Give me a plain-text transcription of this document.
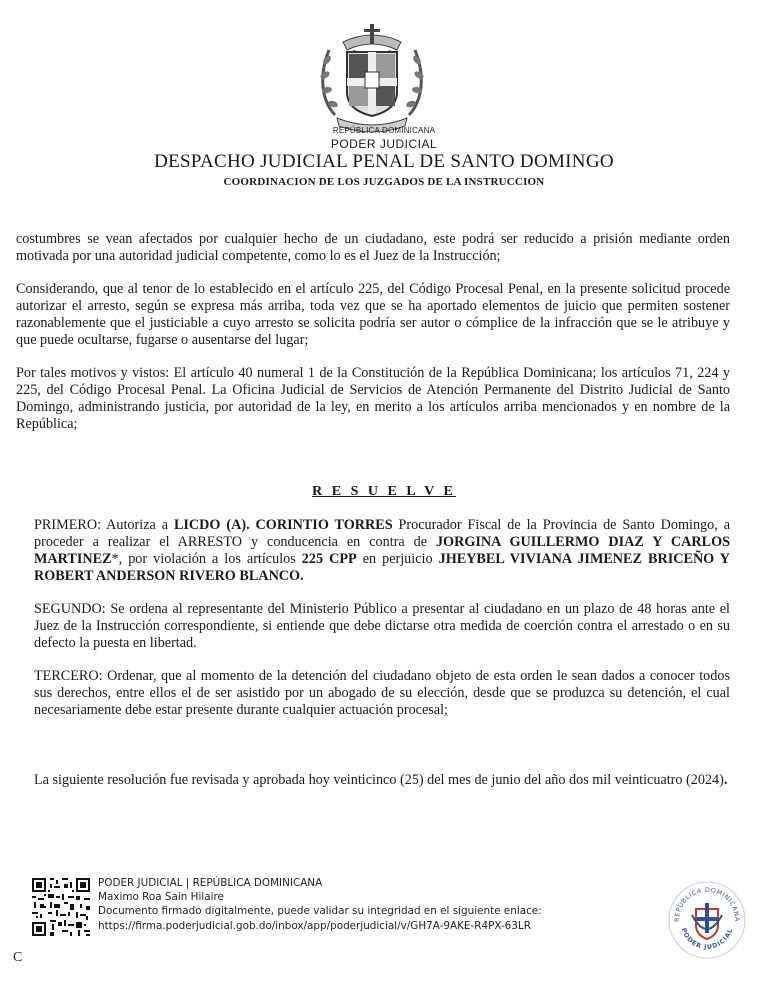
REPÚBLICA DOMINICANA
PODER JUDICIAL
DESPACHO JUDICIAL PENAL DE SANTO DOMINGO
COORDINACION DE LOS JUZGADOS DE LA INSTRUCCION

costumbres se vean afectados por cualquier hecho de un ciudadano, este podrá ser reducido a prisión mediante orden motivada por una autoridad judicial competente, como lo es el Juez de la Instrucción;

Considerando, que al tenor de lo establecido en el artículo 225, del Código Procesal Penal, en la presente solicitud procede autorizar el arresto, según se expresa más arriba, toda vez que se ha aportado elementos de juicio que permiten sostener razonablemente que el justiciable a cuyo arresto se solicita podría ser autor o cómplice de la infracción que se le atribuye y que puede ocultarse, fugarse o ausentarse del lugar;

Por tales motivos y vistos: El artículo 40 numeral 1 de la Constitución de la República Dominicana; los artículos 71, 224 y 225, del Código Procesal Penal. La Oficina Judicial de Servicios de Atención Permanente del Distrito Judicial de Santo Domingo, administrando justicia, por autoridad de la ley, en merito a los artículos arriba mencionados y en nombre de la República;

R E S U E L V E

PRIMERO: Autoriza a LICDO (A). CORINTIO TORRES Procurador Fiscal de la Provincia de Santo Domingo, a proceder a realizar el ARRESTO y conducencia en contra de JORGINA GUILLERMO DIAZ Y CARLOS MARTINEZ*, por violación a los artículos 225 CPP en perjuicio JHEYBEL VIVIANA JIMENEZ BRICEÑO Y ROBERT ANDERSON RIVERO BLANCO.

SEGUNDO: Se ordena al representante del Ministerio Público a presentar al ciudadano en un plazo de 48 horas ante el Juez de la Instrucción correspondiente, si entiende que debe dictarse otra medida de coerción contra el arrestado o en su defecto la puesta en libertad.

TERCERO: Ordenar, que al momento de la detención del ciudadano objeto de esta orden le sean dados a conocer todos sus derechos, entre ellos el de ser asistido por un abogado de su elección, desde que se produzca su detención, el cual necesariamente debe estar presente durante cualquier actuación procesal;

La siguiente resolución fue revisada y aprobada hoy veinticinco (25) del mes de junio del año dos mil veinticuatro (2024).

PODER JUDICIAL | REPÚBLICA DOMINICANA
Maximo Roa Sain Hilaire
Documento firmado digitalmente, puede validar su integridad en el siguiente enlace:
https://firma.poderjudicial.gob.do/inbox/app/poderjudicial/v/GH7A-9AKE-R4PX-63LR
REPÚBLICA DOMINICANA
PODER JUDICIAL
C
